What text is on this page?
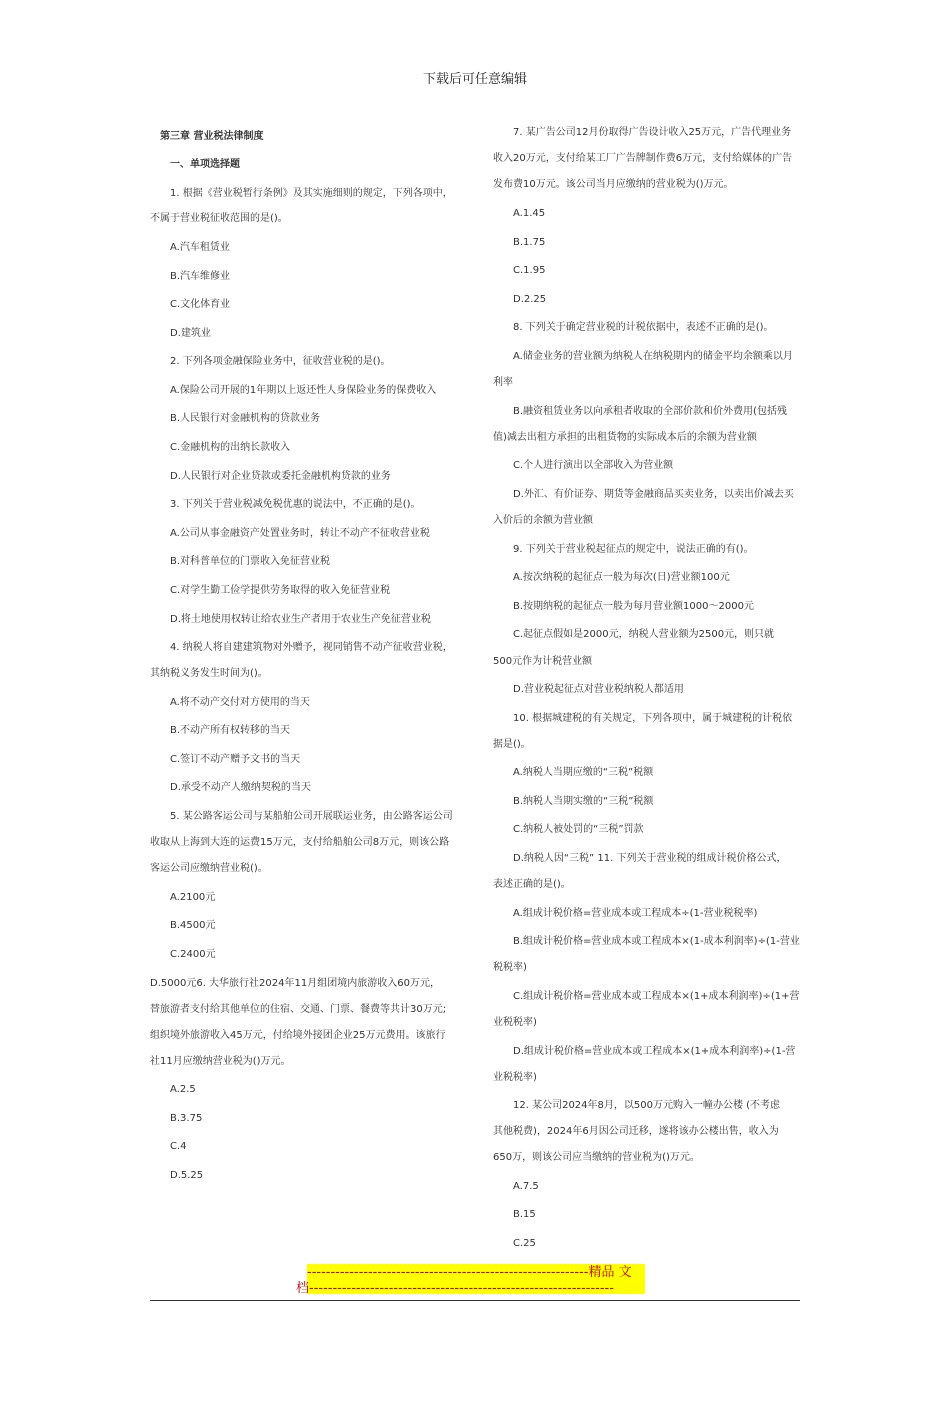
下载后可任意编辑
第三章 营业税法律制度
一、单项选择题
1. 根据《营业税暂行条例》及其实施细则的规定，下列各项中，
不属于营业税征收范围的是()。
A.汽车租赁业
B.汽车维修业
C.文化体育业
D.建筑业
2. 下列各项金融保险业务中，征收营业税的是()。
A.保险公司开展的1年期以上返还性人身保险业务的保费收入
B.人民银行对金融机构的贷款业务
C.金融机构的出纳长款收入
D.人民银行对企业贷款或委托金融机构贷款的业务
3. 下列关于营业税减免税优惠的说法中，不正确的是()。
A.公司从事金融资产处置业务时，转让不动产不征收营业税
B.对科普单位的门票收入免征营业税
C.对学生勤工俭学提供劳务取得的收入免征营业税
D.将土地使用权转让给农业生产者用于农业生产免征营业税
4. 纳税人将自建建筑物对外赠予，视同销售不动产征收营业税，
其纳税义务发生时间为()。
A.将不动产交付对方使用的当天
B.不动产所有权转移的当天
C.签订不动产赠予文书的当天
D.承受不动产人缴纳契税的当天
5. 某公路客运公司与某船舶公司开展联运业务，由公路客运公司
收取从上海到大连的运费15万元，支付给船舶公司8万元，则该公路
客运公司应缴纳营业税()。
A.2100元
B.4500元
C.2400元
D.5000元6. 大华旅行社2024年11月组团境内旅游收入60万元，
替旅游者支付给其他单位的住宿、交通、门票、餐费等共计30万元;
组织境外旅游收入45万元，付给境外接团企业25万元费用。该旅行
社11月应缴纳营业税为()万元。
A.2.5
B.3.75
C.4
D.5.25
7. 某广告公司12月份取得广告设计收入25万元，广告代理业务
收入20万元，支付给某工厂广告牌制作费6万元，支付给媒体的广告
发布费10万元。该公司当月应缴纳的营业税为()万元。
A.1.45
B.1.75
C.1.95
D.2.25
8. 下列关于确定营业税的计税依据中，表述不正确的是()。
A.储金业务的营业额为纳税人在纳税期内的储金平均余额乘以月
利率
B.融资租赁业务以向承租者收取的全部价款和价外费用(包括残
值)减去出租方承担的出租货物的实际成本后的余额为营业额
C.个人进行演出以全部收入为营业额
D.外汇、有价证券、期货等金融商品买卖业务，以卖出价减去买
入价后的余额为营业额
9. 下列关于营业税起征点的规定中，说法正确的有()。
A.按次纳税的起征点一般为每次(日)营业额100元
B.按期纳税的起征点一般为每月营业额1000～2000元
C.起征点假如是2000元，纳税人营业额为2500元，则只就
500元作为计税营业额
D.营业税起征点对营业税纳税人都适用
10. 根据城建税的有关规定，下列各项中，属于城建税的计税依
据是()。
A.纳税人当期应缴的“三税”税额
B.纳税人当期实缴的“三税”税额
C.纳税人被处罚的“三税”罚款
D.纳税人因“三税” 11. 下列关于营业税的组成计税价格公式，
表述正确的是()。
A.组成计税价格=营业成本或工程成本÷(1-营业税税率)
B.组成计税价格=营业成本或工程成本×(1-成本利润率)÷(1-营业
税税率)
C.组成计税价格=营业成本或工程成本×(1+成本利润率)÷(1+营
业税税率)
D.组成计税价格=营业成本或工程成本×(1+成本利润率)÷(1-营
业税税率)
12. 某公司2024年8月，以500万元购入一幢办公楼 (不考虑
其他税费)，2024年6月因公司迁移，遂将该办公楼出售，收入为
650万，则该公司应当缴纳的营业税为()万元。
A.7.5
B.15
C.25
------------------------------------------------------------精品 文
档-----------------------------------------------------------------
